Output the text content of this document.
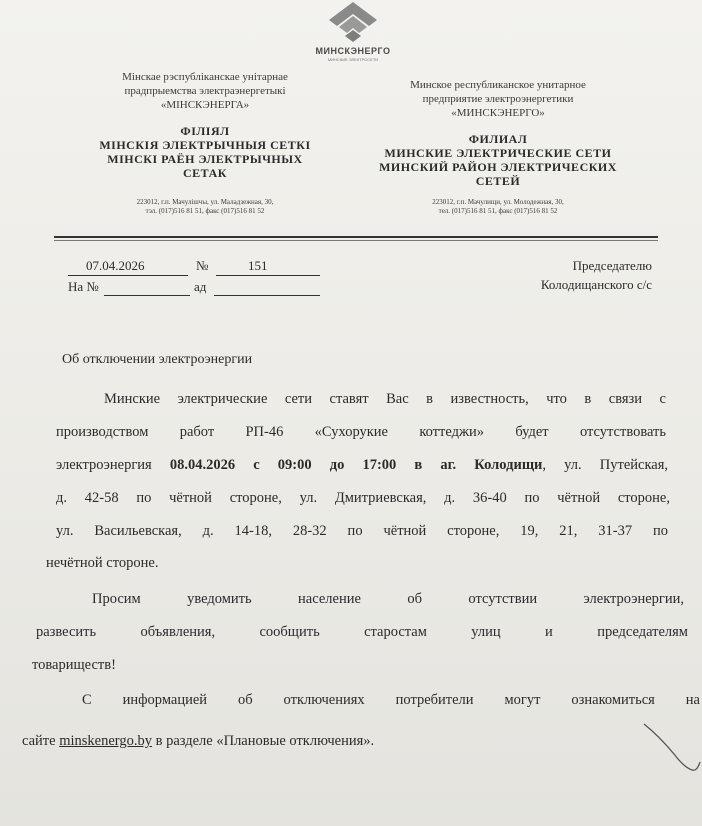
МИНСКЭНЕРГО
МИНСКИЕ ЭЛЕКТРОСЕТИ
Мінскае рэспубліканскае унітарнае
прадпрыемства электраэнергетыкі
«МІНСКЭНЕРГА»
ФІЛІЯЛ
МІНСКІЯ ЭЛЕКТРЫЧНЫЯ СЕТКІ
МІНСКІ РАЁН ЭЛЕКТРЫЧНЫХ
СЕТАК
223012, г.п. Мачулішчы, ул. Маладзежная, 30,
тэл. (017)516 81 51, факс (017)516 81 52
Минское республиканское унитарное
предприятие электроэнергетики
«МИНСКЭНЕРГО»
ФИЛИАЛ
МИНСКИЕ ЭЛЕКТРИЧЕСКИЕ СЕТИ
МИНСКИЙ РАЙОН ЭЛЕКТРИЧЕСКИХ
СЕТЕЙ
223012, г.п. Мачулищи, ул. Молодежная, 30,
тел. (017)516 81 51, факс (017)516 81 52
07.04.2026	№	151
На №	ад
Председателю
Колодищанского с/с
Об отключении электроэнергии
Минские электрические сети ставят Вас в известность, что в связи с
производством работ РП-46 «Сухорукие коттеджи» будет отсутствовать
электроэнергия 08.04.2026 с 09:00 до 17:00 в аг. Колодищи, ул. Путейская,
д. 42-58 по чётной стороне, ул. Дмитриевская, д. 36-40 по чётной стороне,
ул. Васильевская, д. 14-18, 28-32 по чётной стороне, 19, 21, 31-37 по
нечётной стороне.
Просим уведомить население об отсутствии электроэнергии,
развесить объявления, сообщить старостам улиц и председателям
товариществ!
С информацией об отключениях потребители могут ознакомиться на
сайте minskenergo.by в разделе «Плановые отключения».
